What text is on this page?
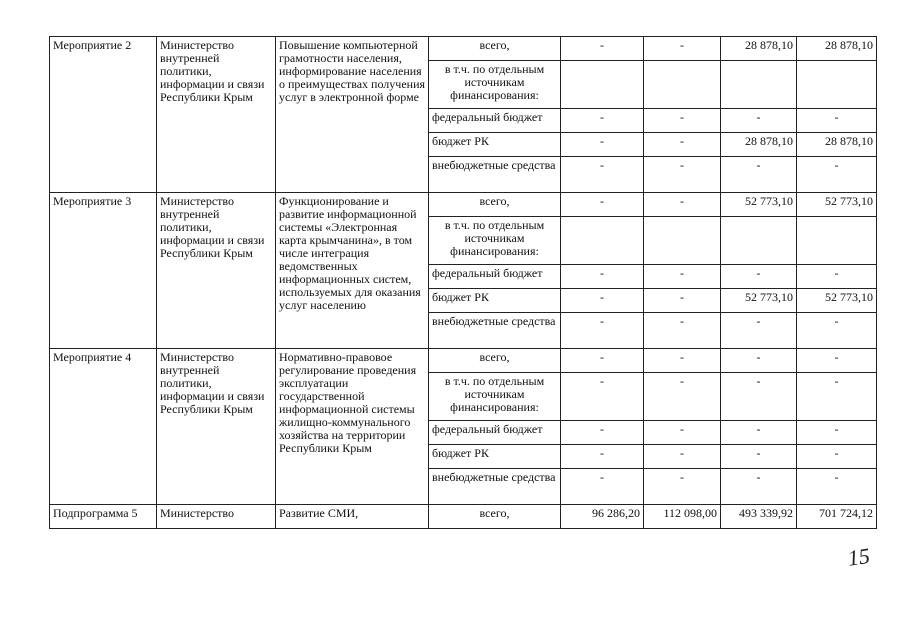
Мероприятие 2	Министерство внутренней политики, информации и связи Республики Крым	Повышение компьютерной грамотности населения, информирование населения о преимуществах получения услуг в электронной форме	всего,	-	-	28 878,10	28 878,10
			в т.ч. по отдельным источникам финансирования:				
			федеральный бюджет	-	-	-	-
			бюджет РК	-	-	28 878,10	28 878,10
			внебюджетные средства	-	-	-	-
Мероприятие 3	Министерство внутренней политики, информации и связи Республики Крым	Функционирование и развитие информационной системы «Электронная карта крымчанина», в том числе интеграция ведомственных информационных систем, используемых для оказания услуг населению	всего,	-	-	52 773,10	52 773,10
			в т.ч. по отдельным источникам финансирования:				
			федеральный бюджет	-	-	-	-
			бюджет РК	-	-	52 773,10	52 773,10
			внебюджетные средства	-	-	-	-
Мероприятие 4	Министерство внутренней политики, информации и связи Республики Крым	Нормативно-правовое регулирование проведения эксплуатации государственной информационной системы жилищно-коммунального хозяйства на территории Республики Крым	всего,	-	-	-	-
			в т.ч. по отдельным источникам финансирования:	-	-	-	-
			федеральный бюджет	-	-	-	-
			бюджет РК	-	-	-	-
			внебюджетные средства	-	-	-	-
Подпрограмма 5	Министерство	Развитие СМИ,	всего,	96 286,20	112 098,00	493 339,92	701 724,12
15
